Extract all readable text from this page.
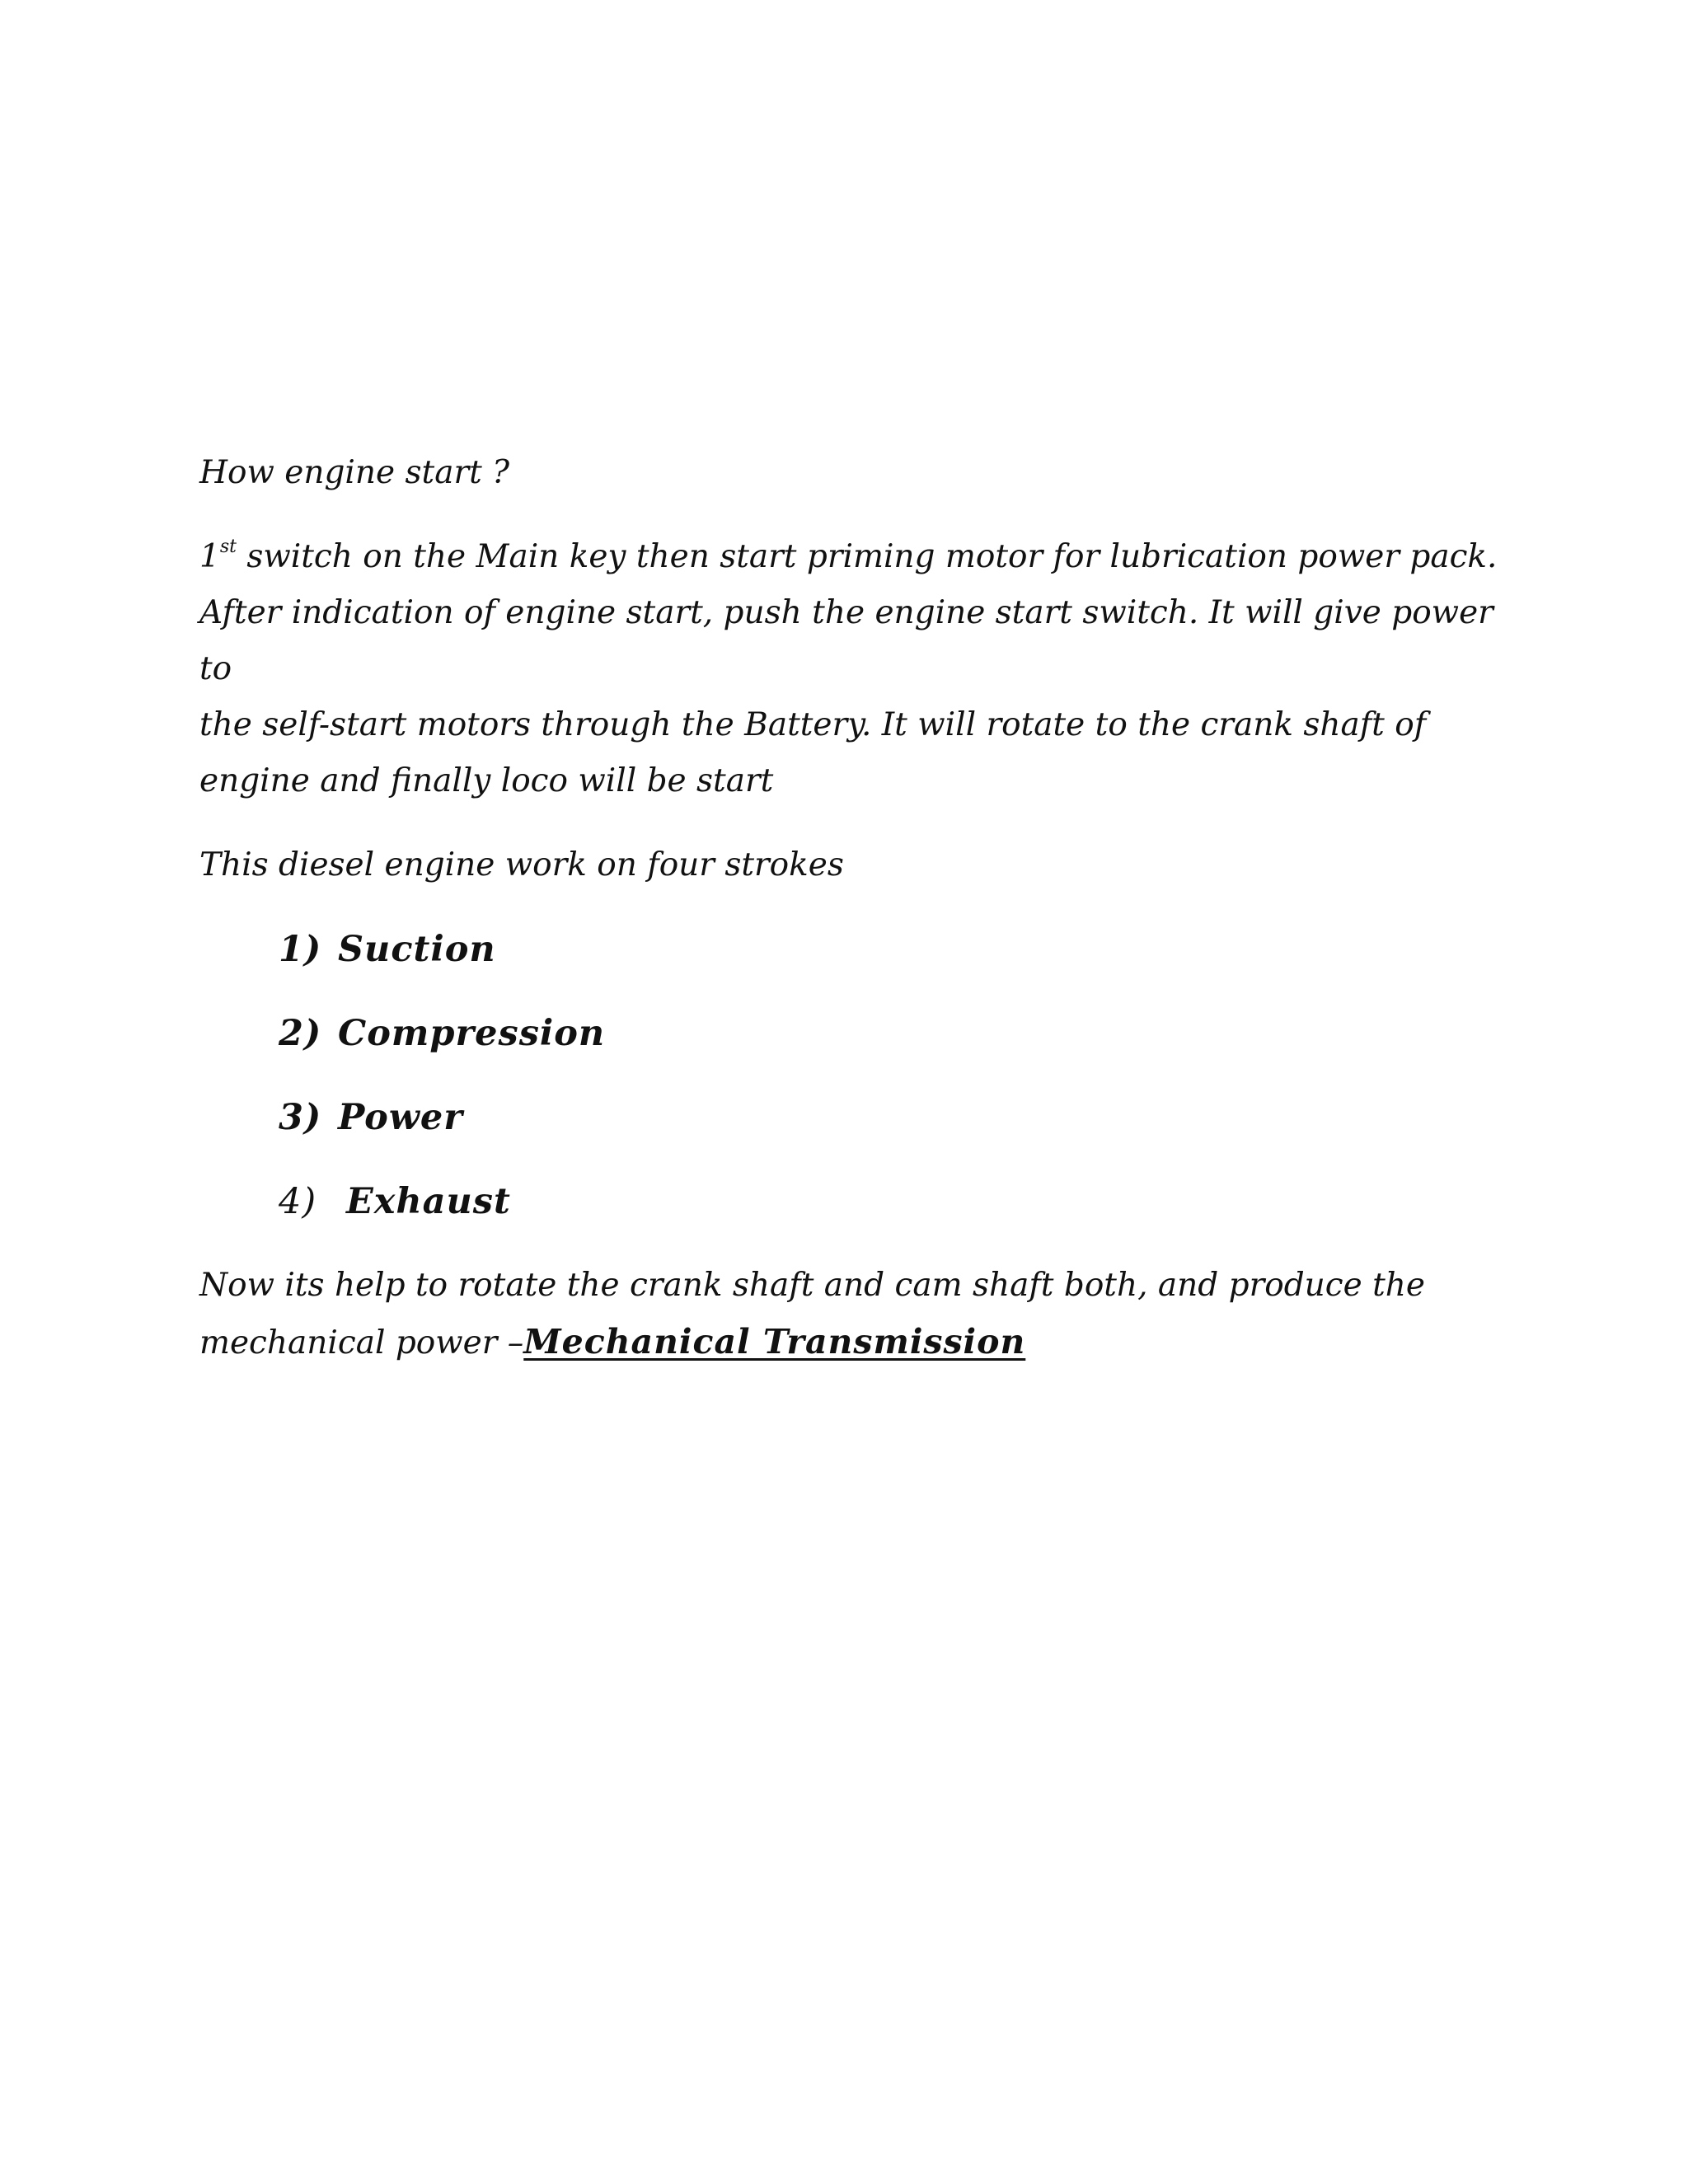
How engine start ?

1st switch on the Main key then start priming motor for lubrication power pack.
After indication of engine start, push the engine start switch. It will give power to
the self-start motors through the Battery. It will rotate to the crank shaft of
engine and finally loco will be start

This diesel engine work on four strokes

1) Suction
2) Compression
3) Power
4) Exhaust

Now its help to rotate the crank shaft and cam shaft both, and produce the
mechanical power –Mechanical Transmission
